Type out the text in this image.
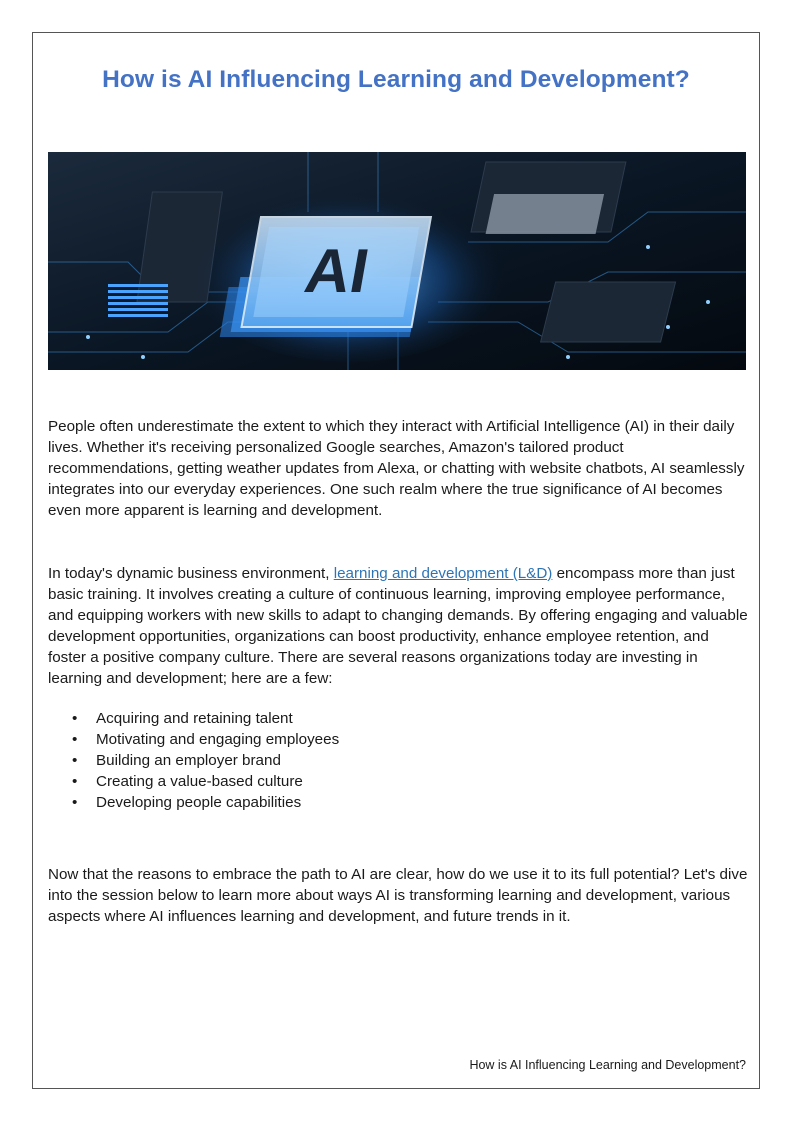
How is AI Influencing Learning and Development?
AI

People often underestimate the extent to which they interact with Artificial Intelligence (AI) in their daily lives. Whether it's receiving personalized Google searches, Amazon's tailored product recommendations, getting weather updates from Alexa, or chatting with website chatbots, AI seamlessly integrates into our everyday experiences. One such realm where the true significance of AI becomes even more apparent is learning and development.

In today's dynamic business environment, learning and development (L&D) encompass more than just basic training. It involves creating a culture of continuous learning, improving employee performance, and equipping workers with new skills to adapt to changing demands. By offering engaging and valuable development opportunities, organizations can boost productivity, enhance employee retention, and foster a positive company culture. There are several reasons organizations today are investing in learning and development; here are a few:

• Acquiring and retaining talent
• Motivating and engaging employees
• Building an employer brand
• Creating a value-based culture
• Developing people capabilities

Now that the reasons to embrace the path to AI are clear, how do we use it to its full potential? Let's dive into the session below to learn more about ways AI is transforming learning and development, various aspects where AI influences learning and development, and future trends in it.

How is AI Influencing Learning and Development?
